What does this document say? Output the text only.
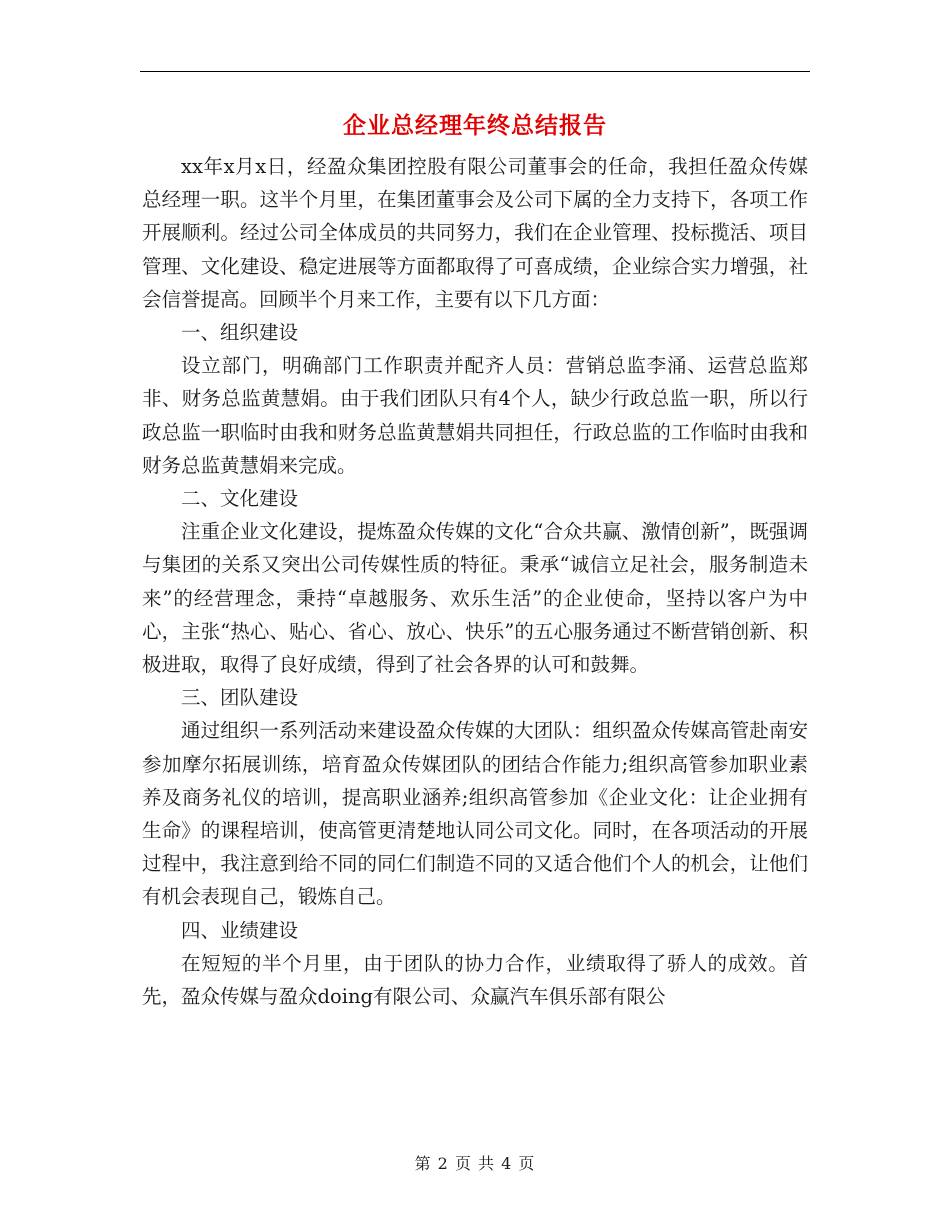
企业总经理年终总结报告

xx年x月x日，经盈众集团控股有限公司董事会的任命，我担任盈众传媒总经理一职。这半个月里，在集团董事会及公司下属的全力支持下，各项工作开展顺利。经过公司全体成员的共同努力，我们在企业管理、投标揽活、项目管理、文化建设、稳定进展等方面都取得了可喜成绩，企业综合实力增强，社会信誉提高。回顾半个月来工作，主要有以下几方面：

一、组织建设

设立部门，明确部门工作职责并配齐人员：营销总监李涌、运营总监郑非、财务总监黄慧娟。由于我们团队只有4个人，缺少行政总监一职，所以行政总监一职临时由我和财务总监黄慧娟共同担任，行政总监的工作临时由我和财务总监黄慧娟来完成。

二、文化建设

注重企业文化建设，提炼盈众传媒的文化“合众共赢、激情创新”，既强调与集团的关系又突出公司传媒性质的特征。秉承“诚信立足社会，服务制造未来”的经营理念，秉持“卓越服务、欢乐生活”的企业使命，坚持以客户为中心，主张“热心、贴心、省心、放心、快乐”的五心服务通过不断营销创新、积极进取，取得了良好成绩，得到了社会各界的认可和鼓舞。

三、团队建设

通过组织一系列活动来建设盈众传媒的大团队：组织盈众传媒高管赴南安参加摩尔拓展训练，培育盈众传媒团队的团结合作能力;组织高管参加职业素养及商务礼仪的培训，提高职业涵养;组织高管参加《企业文化：让企业拥有生命》的课程培训，使高管更清楚地认同公司文化。同时，在各项活动的开展过程中，我注意到给不同的同仁们制造不同的又适合他们个人的机会，让他们有机会表现自己，锻炼自己。

四、业绩建设

在短短的半个月里，由于团队的协力合作，业绩取得了骄人的成效。首先，盈众传媒与盈众doing有限公司、众赢汽车俱乐部有限公

第 2 页 共 4 页
